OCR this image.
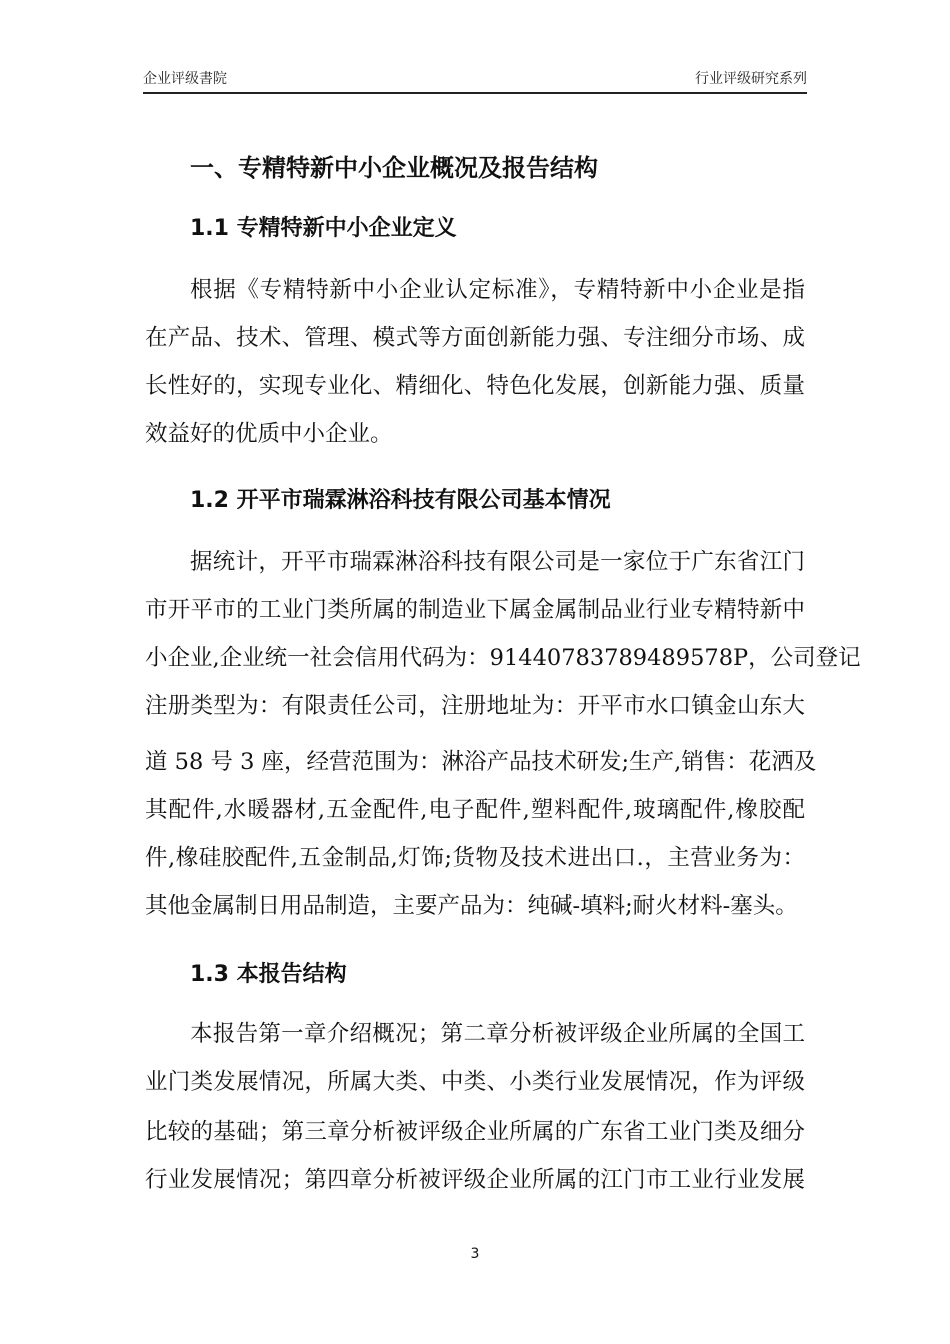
企业评级書院	行业评级研究系列
一、专精特新中小企业概况及报告结构
1.1 专精特新中小企业定义
根据《专精特新中小企业认定标准》，专精特新中小企业是指
在产品、技术、管理、模式等方面创新能力强、专注细分市场、成
长性好的，实现专业化、精细化、特色化发展，创新能力强、质量
效益好的优质中小企业。
1.2 开平市瑞霖淋浴科技有限公司基本情况
据统计，开平市瑞霖淋浴科技有限公司是一家位于广东省江门
市开平市的工业门类所属的制造业下属金属制品业行业专精特新中
小企业,企业统一社会信用代码为：91440783789489578P，公司登记
注册类型为：有限责任公司，注册地址为：开平市水口镇金山东大
道 58 号 3 座，经营范围为：淋浴产品技术研发;生产,销售：花洒及
其配件,水暖器材,五金配件,电子配件,塑料配件,玻璃配件,橡胶配
件,橡硅胶配件,五金制品,灯饰;货物及技术进出口.，主营业务为：
其他金属制日用品制造，主要产品为：纯碱-填料;耐火材料-塞头。
1.3 本报告结构
本报告第一章介绍概况；第二章分析被评级企业所属的全国工
业门类发展情况，所属大类、中类、小类行业发展情况，作为评级
比较的基础；第三章分析被评级企业所属的广东省工业门类及细分
行业发展情况；第四章分析被评级企业所属的江门市工业行业发展
3
